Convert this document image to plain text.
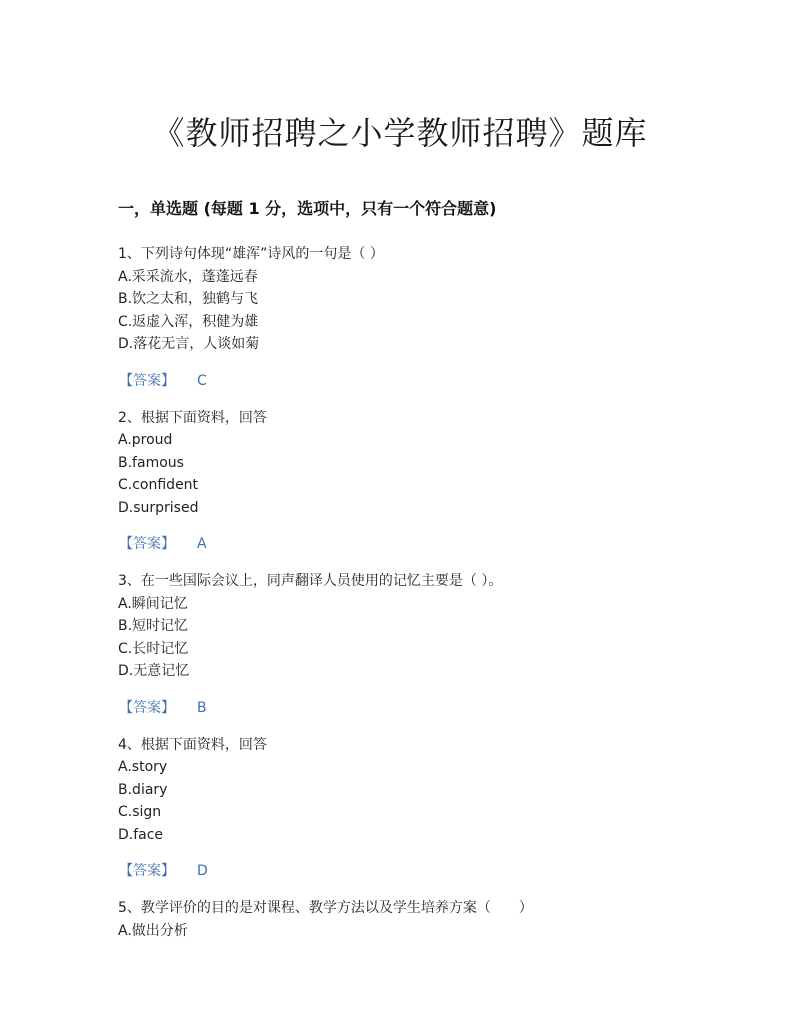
《教师招聘之小学教师招聘》题库
一，单选题 (每题 1 分，选项中，只有一个符合题意)

1、下列诗句体现“雄浑”诗风的一句是（ ）

A.采采流水，蓬蓬远春

B.饮之太和，独鹤与飞

C.返虚入浑，积健为雄

D.落花无言，人谈如菊

【答案】 C

2、根据下面资料，回答

A.proud

B.famous

C.confident

D.surprised

【答案】 A

3、在一些国际会议上，同声翻译人员使用的记忆主要是（ ）。

A.瞬间记忆

B.短时记忆

C.长时记忆

D.无意记忆

【答案】 B

4、根据下面资料，回答

A.story

B.diary

C.sign

D.face

【答案】 D

5、教学评价的目的是对课程、教学方法以及学生培养方案（　　）

A.做出分析
